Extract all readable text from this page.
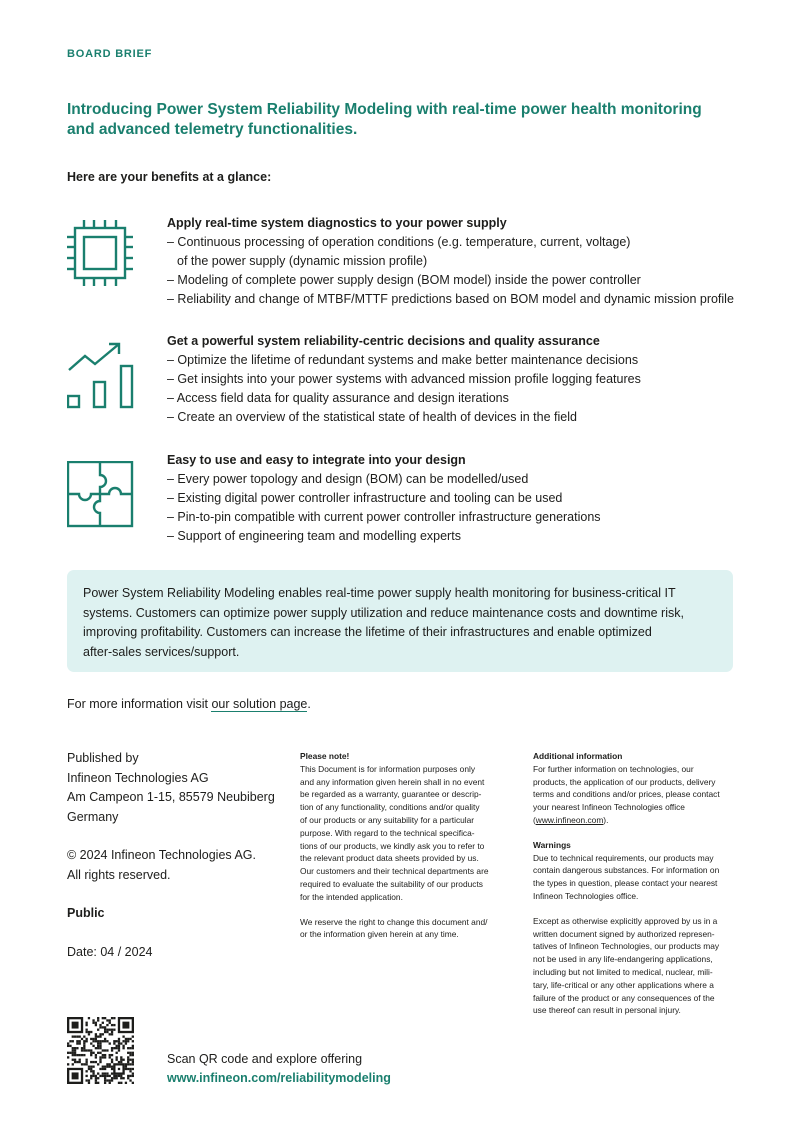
BOARD BRIEF
Introducing Power System Reliability Modeling with real-time power health monitoring
and advanced telemetry functionalities.
Here are your benefits at a glance:
Apply real-time system diagnostics to your power supply
– Continuous processing of operation conditions (e.g. temperature, current, voltage)
of the power supply (dynamic mission profile)
– Modeling of complete power supply design (BOM model) inside the power controller
– Reliability and change of MTBF/MTTF predictions based on BOM model and dynamic mission profile
Get a powerful system reliability-centric decisions and quality assurance
– Optimize the lifetime of redundant systems and make better maintenance decisions
– Get insights into your power systems with advanced mission profile logging features
– Access field data for quality assurance and design iterations
– Create an overview of the statistical state of health of devices in the field
Easy to use and easy to integrate into your design
– Every power topology and design (BOM) can be modelled/used
– Existing digital power controller infrastructure and tooling can be used
– Pin-to-pin compatible with current power controller infrastructure generations
– Support of engineering team and modelling experts
Power System Reliability Modeling enables real-time power supply health monitoring for business-critical IT
systems. Customers can optimize power supply utilization and reduce maintenance costs and downtime risk,
improving profitability. Customers can increase the lifetime of their infrastructures and enable optimized
after-sales services/support.
For more information visit our solution page.
Published by
Infineon Technologies AG
Am Campeon 1-15, 85579 Neubiberg
Germany
© 2024 Infineon Technologies AG.
All rights reserved.
Public
Date: 04 / 2024
Please note!
This Document is for information purposes only
and any information given herein shall in no event
be regarded as a warranty, guarantee or descrip-
tion of any functionality, conditions and/or quality
of our products or any suitability for a particular
purpose. With regard to the technical specifica-
tions of our products, we kindly ask you to refer to
the relevant product data sheets provided by us.
Our customers and their technical departments are
required to evaluate the suitability of our products
for the intended application.
We reserve the right to change this document and/
or the information given herein at any time.
Additional information
For further information on technologies, our
products, the application of our products, delivery
terms and conditions and/or prices, please contact
your nearest Infineon Technologies office
(www.infineon.com).
Warnings
Due to technical requirements, our products may
contain dangerous substances. For information on
the types in question, please contact your nearest
Infineon Technologies office.
Except as otherwise explicitly approved by us in a
written document signed by authorized represen-
tatives of Infineon Technologies, our products may
not be used in any life-endangering applications,
including but not limited to medical, nuclear, mili-
tary, life-critical or any other applications where a
failure of the product or any consequences of the
use thereof can result in personal injury.
Scan QR code and explore offering
www.infineon.com/reliabilitymodeling
